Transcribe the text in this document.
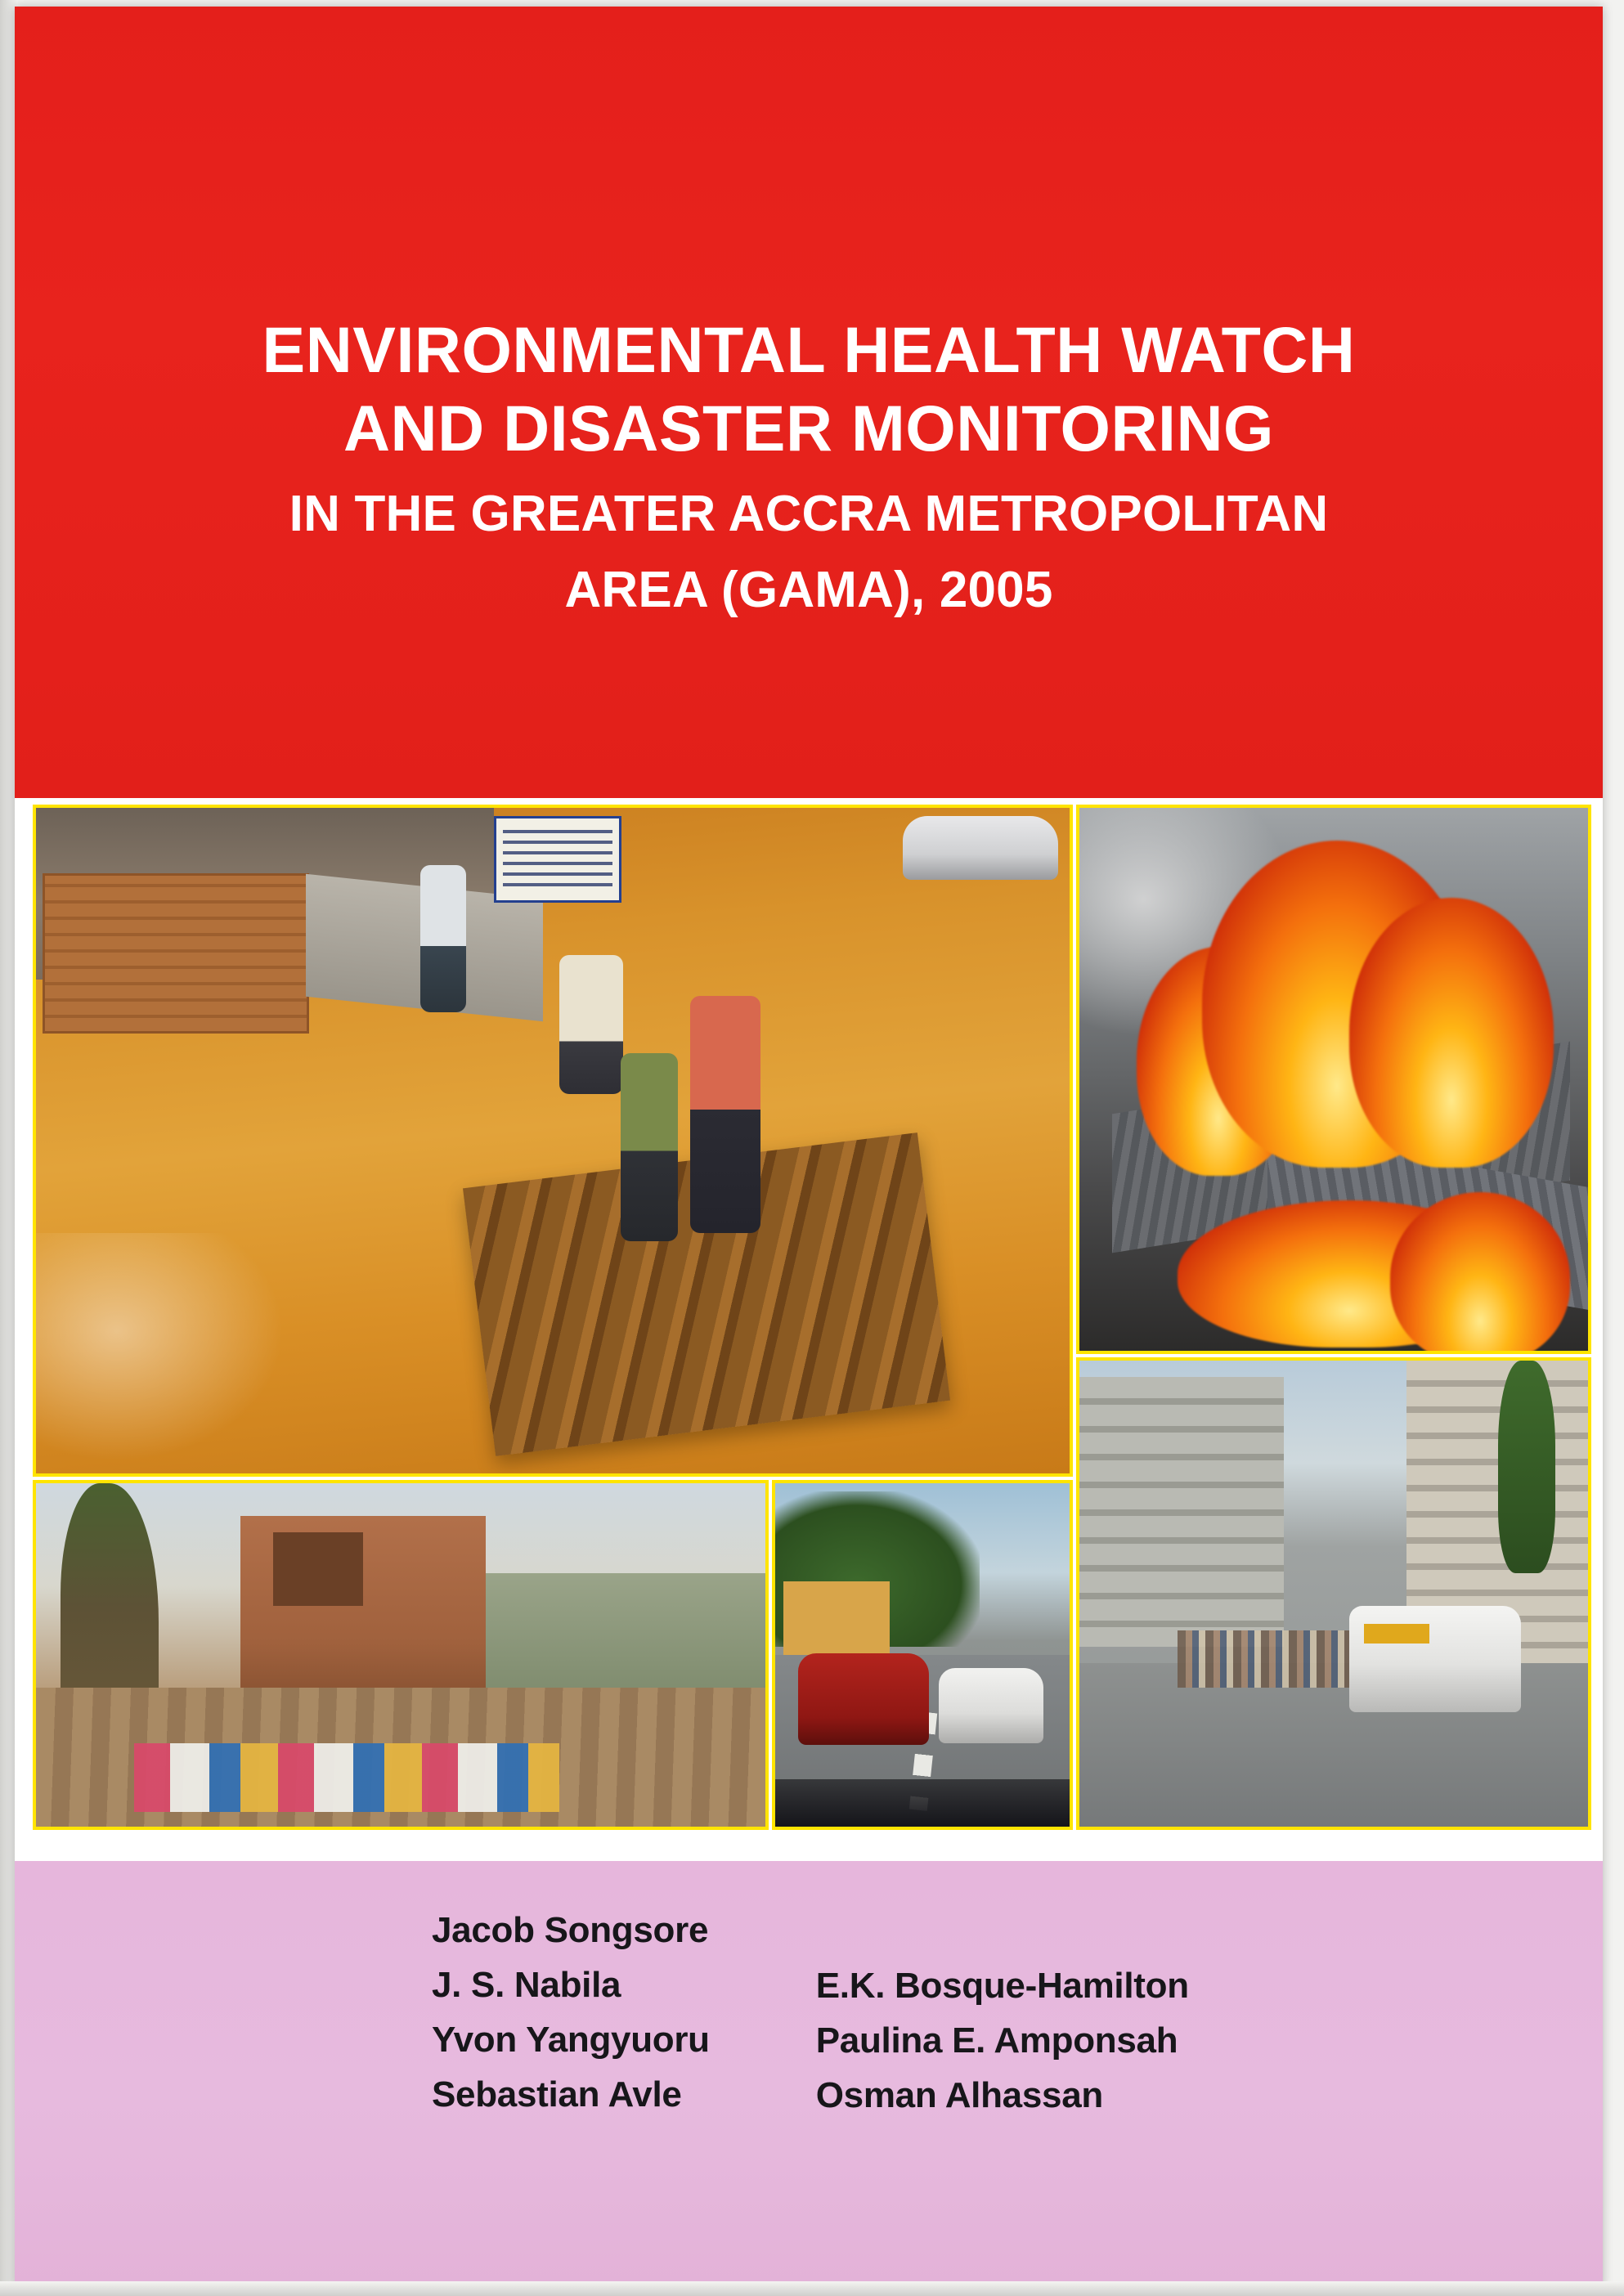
ENVIRONMENTAL HEALTH WATCH
AND DISASTER MONITORING
IN THE GREATER ACCRA METROPOLITAN
AREA (GAMA), 2005
Jacob Songsore
J. S. Nabila
Yvon Yangyuoru
Sebastian Avle
E.K. Bosque-Hamilton
Paulina E. Amponsah
Osman Alhassan
